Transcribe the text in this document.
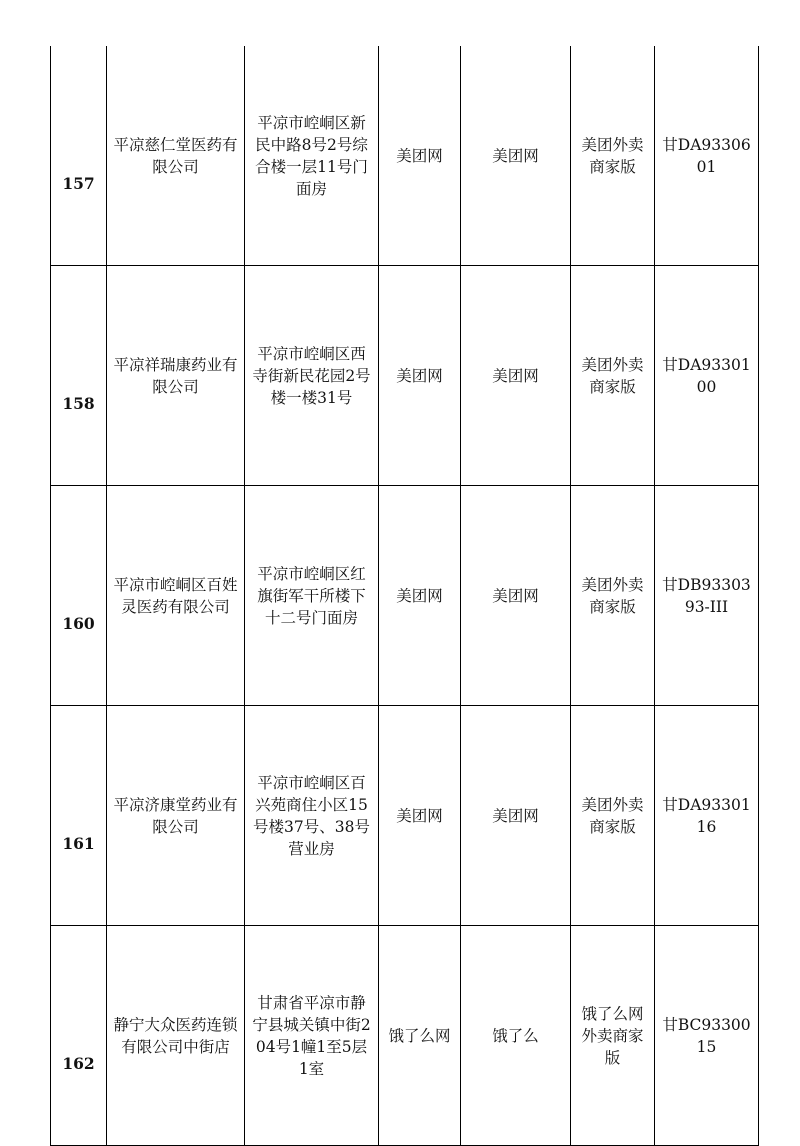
157	平凉慈仁堂医药有限公司	平凉市崆峒区新民中路8号2号综合楼一层11号门面房	美团网	美团网	美团外卖商家版	甘DA9330601
158	平凉祥瑞康药业有限公司	平凉市崆峒区西寺街新民花园2号楼一楼31号	美团网	美团网	美团外卖商家版	甘DA9330100
160	平凉市崆峒区百姓灵医药有限公司	平凉市崆峒区红旗街军干所楼下十二号门面房	美团网	美团网	美团外卖商家版	甘DB9330393-III
161	平凉济康堂药业有限公司	平凉市崆峒区百兴苑商住小区15号楼37号、38号营业房	美团网	美团网	美团外卖商家版	甘DA9330116
162	静宁大众医药连锁有限公司中街店	甘肃省平凉市静宁县城关镇中街204号1幢1至5层1室	饿了么网	饿了么	饿了么网外卖商家版	甘BC9330015
